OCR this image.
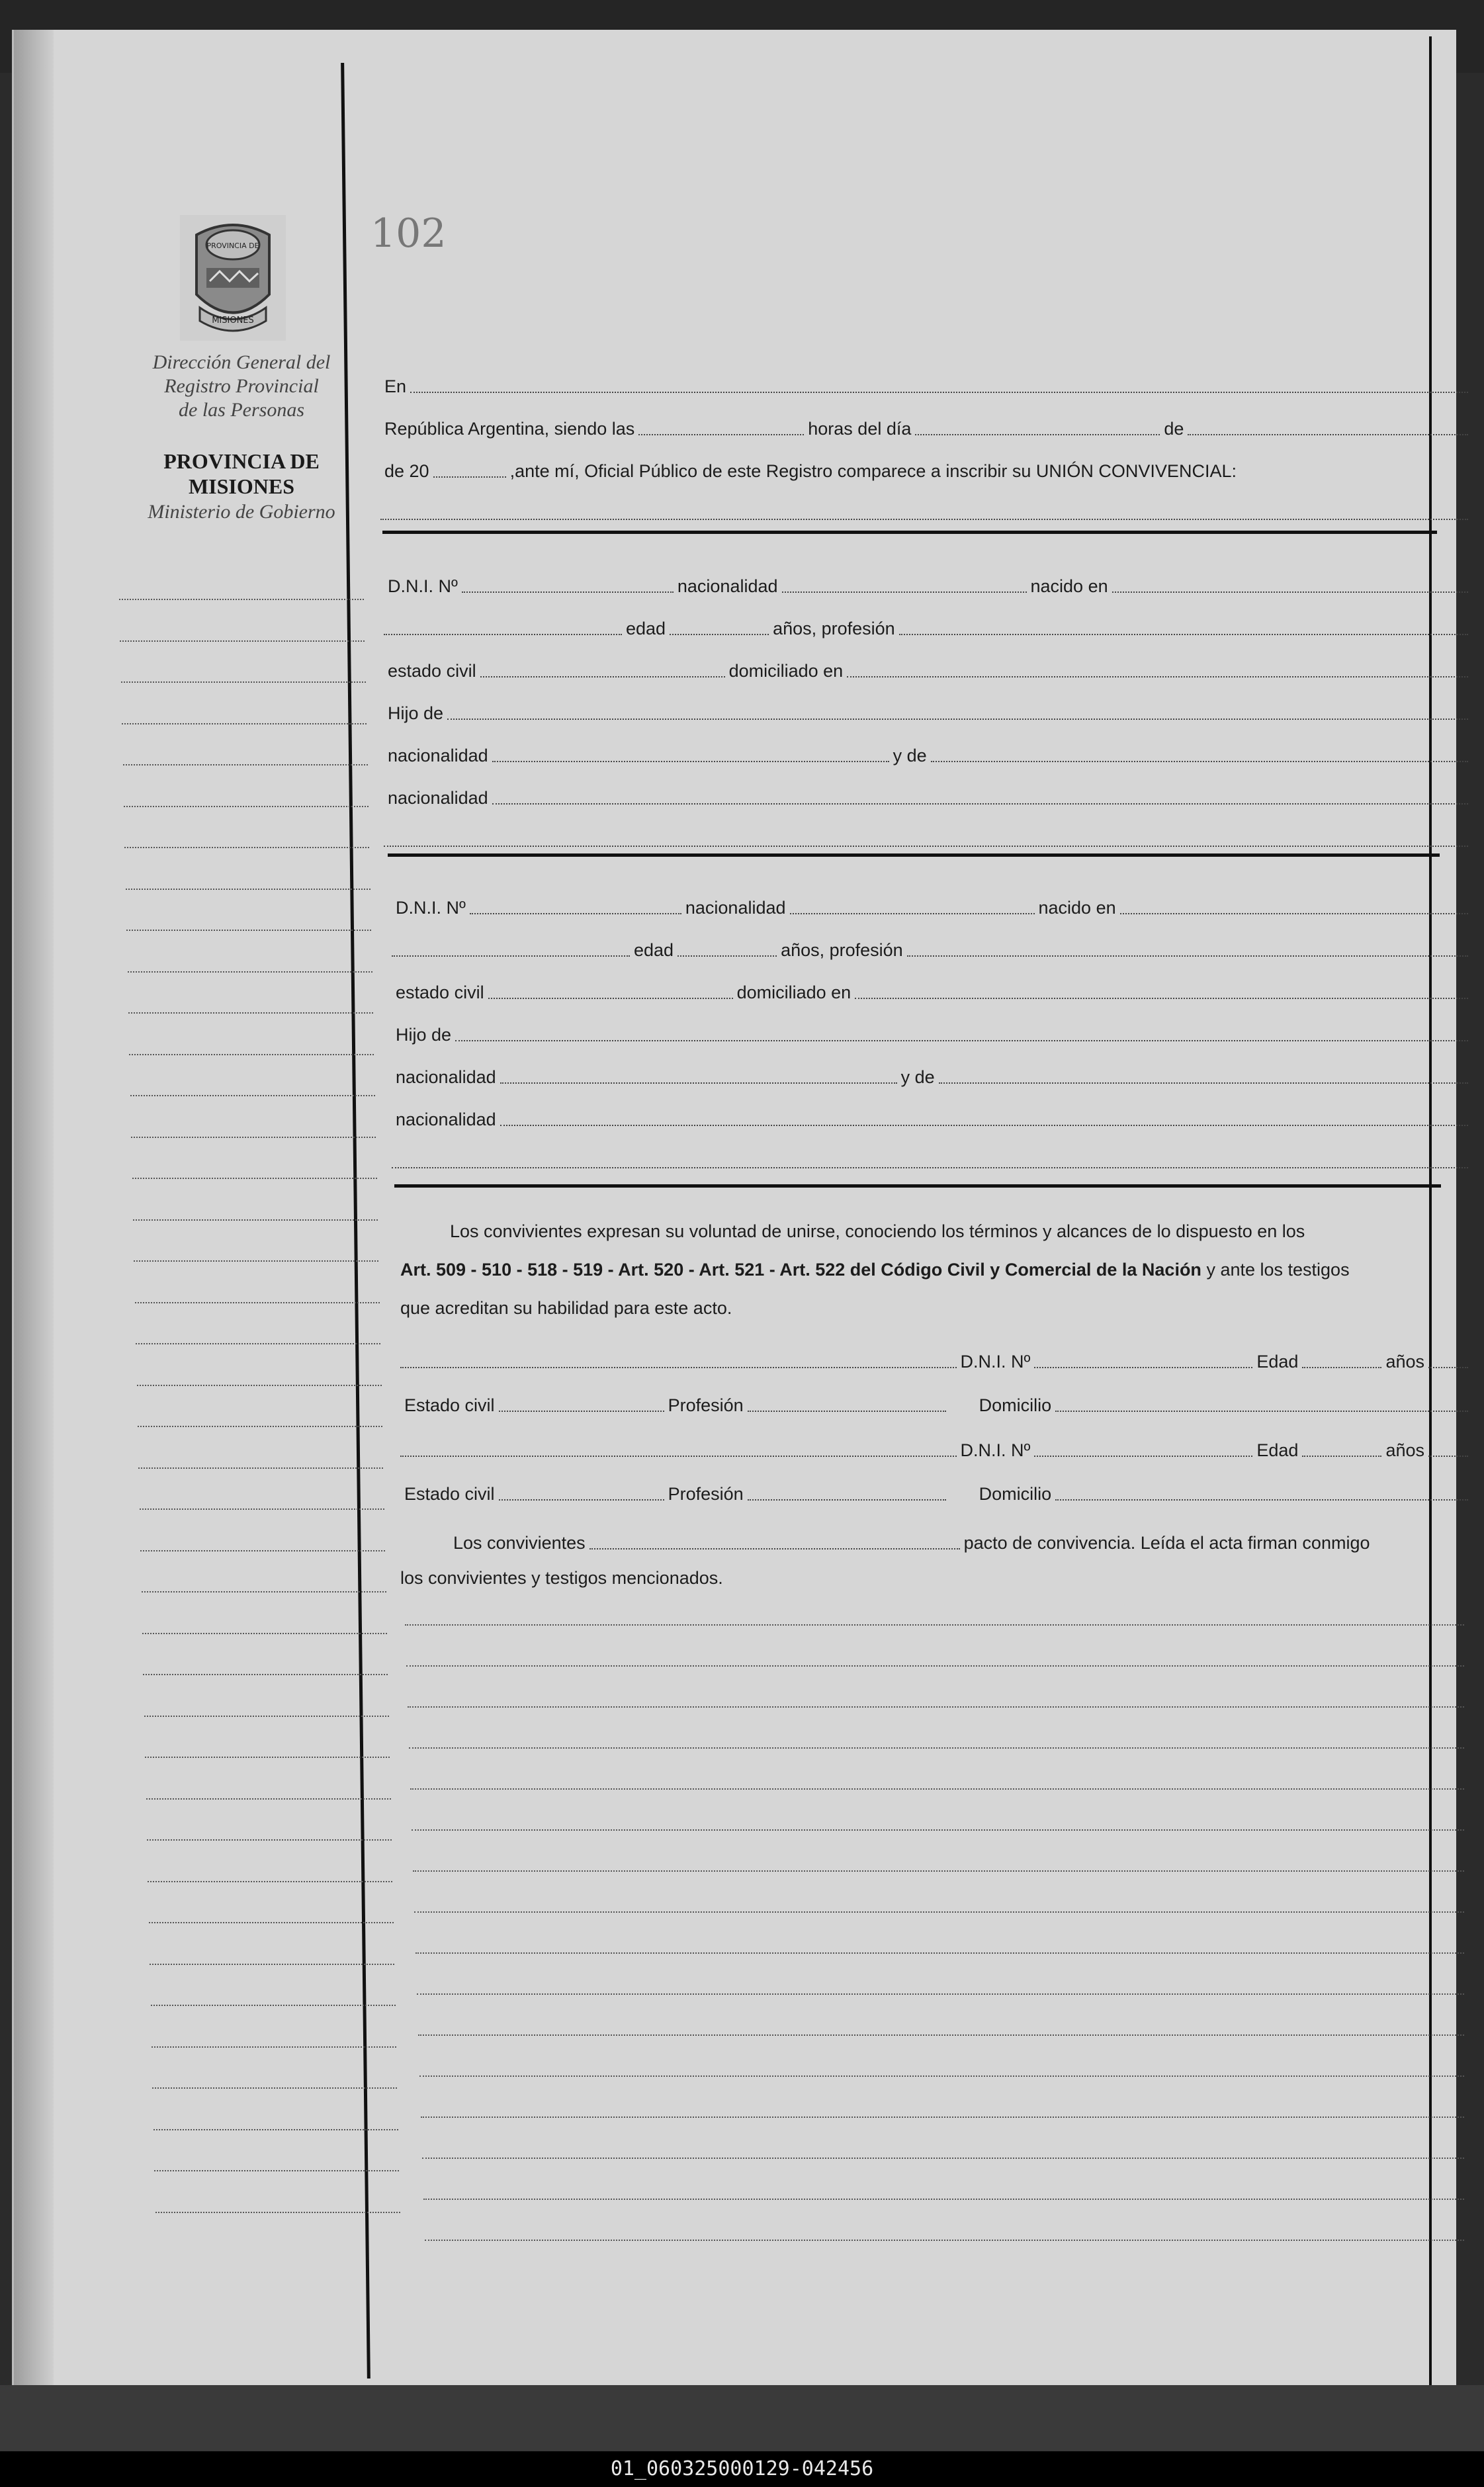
PROVINCIA DE
MISIONES
Dirección General del
Registro Provincial
de las Personas
PROVINCIA DE
MISIONES
Ministerio de Gobierno
102
En
República Argentina, siendo las	horas del día	de
de 20	,ante mí, Oficial Público de este Registro comparece a inscribir su UNIÓN CONVIVENCIAL:
D.N.I. Nº	nacionalidad	nacido en
edad	años, profesión
estado civil	domiciliado en
Hijo de
nacionalidad	y de
nacionalidad
D.N.I. Nº	nacionalidad	nacido en
edad	años, profesión
estado civil	domiciliado en
Hijo de
nacionalidad	y de
nacionalidad
Los convivientes expresan su voluntad de unirse, conociendo los términos y alcances de lo dispuesto en los
Art. 509 - 510 - 518 - 519 - Art. 520 - Art. 521 - Art. 522 del Código Civil y Comercial de la Nación y ante los testigos
que acreditan su habilidad para este acto.
D.N.I. Nº	Edad	años
Estado civil	Profesión	Domicilio
D.N.I. Nº	Edad	años
Estado civil	Profesión	Domicilio
Los convivientes	pacto de convivencia. Leída el acta firman conmigo
los convivientes y testigos mencionados.
01_060325000129-042456
